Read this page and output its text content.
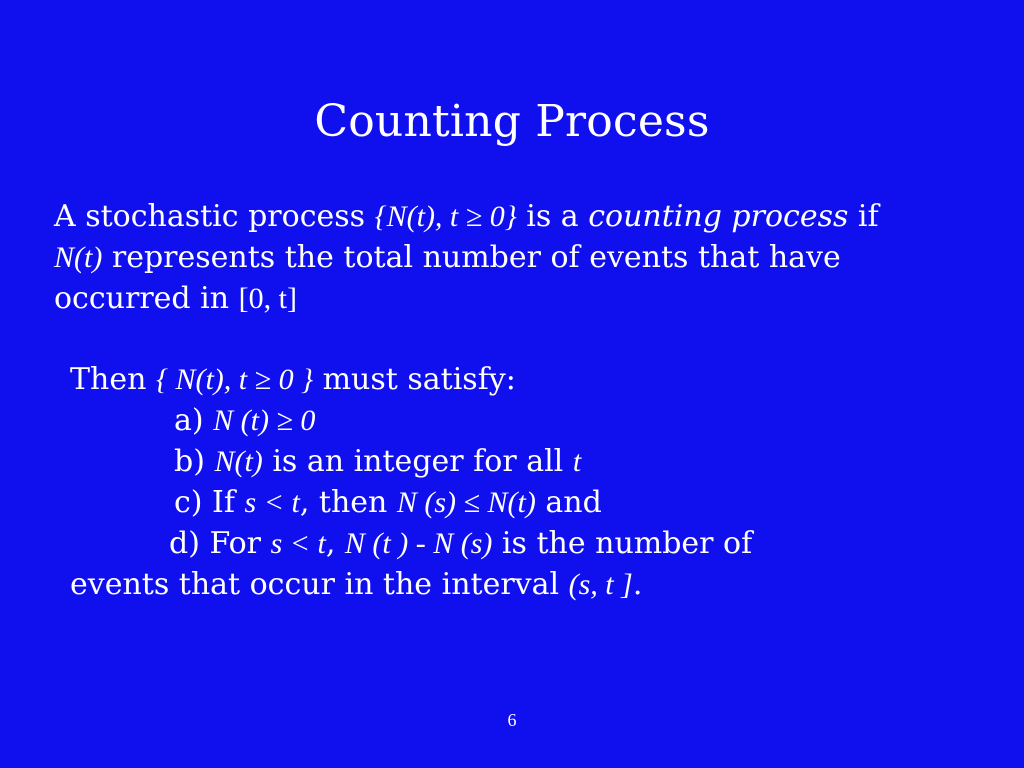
Counting Process
A stochastic process {N(t), t ≥ 0} is a counting process if
N(t) represents the total number of events that have
occurred in [0, t]
Then { N(t), t ≥ 0 } must satisfy:
a) N (t) ≥ 0
b) N(t) is an integer for all t
c) If s < t, then N (s) ≤ N(t) and
d) For s < t, N (t ) - N (s) is the number of
events that occur in the interval (s, t ].
6
